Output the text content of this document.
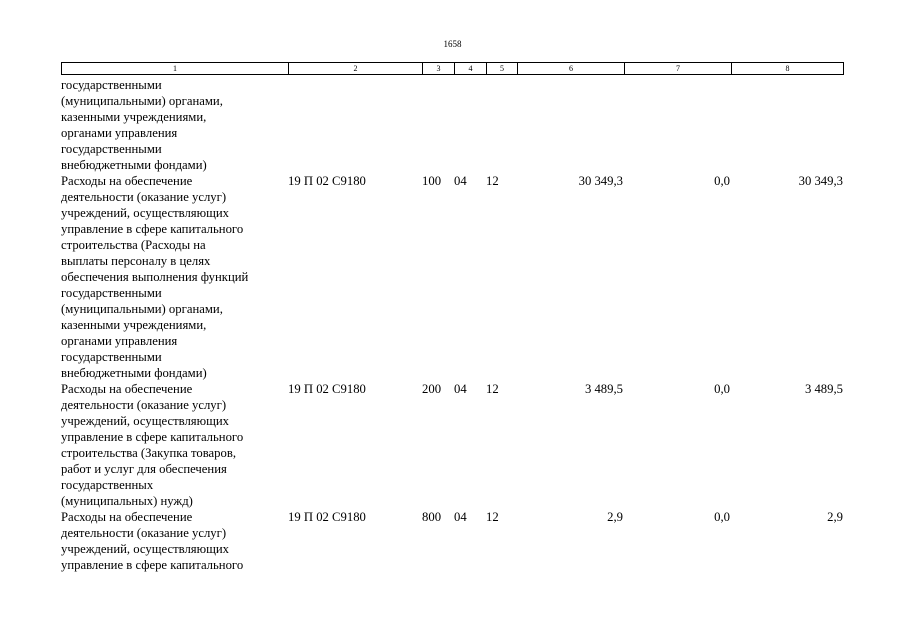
1658
1	2	3	4	5	6	7	8
государственными
(муниципальными) органами,
казенными учреждениями,
органами управления
государственными
внебюджетными фондами)
Расходы на обеспечение
деятельности (оказание услуг)
учреждений, осуществляющих
управление в сфере капитального
строительства (Расходы на
выплаты персоналу в целях
обеспечения выполнения функций
государственными
(муниципальными) органами,
казенными учреждениями,
органами управления
государственными
внебюджетными фондами)
19 П 02 С9180	100 04 12	30 349,3	0,0	30 349,3
Расходы на обеспечение
деятельности (оказание услуг)
учреждений, осуществляющих
управление в сфере капитального
строительства (Закупка товаров,
работ и услуг для обеспечения
государственных
(муниципальных) нужд)
19 П 02 С9180	200 04 12	3 489,5	0,0	3 489,5
Расходы на обеспечение
деятельности (оказание услуг)
учреждений, осуществляющих
управление в сфере капитального
19 П 02 С9180	800 04 12	2,9	0,0	2,9
